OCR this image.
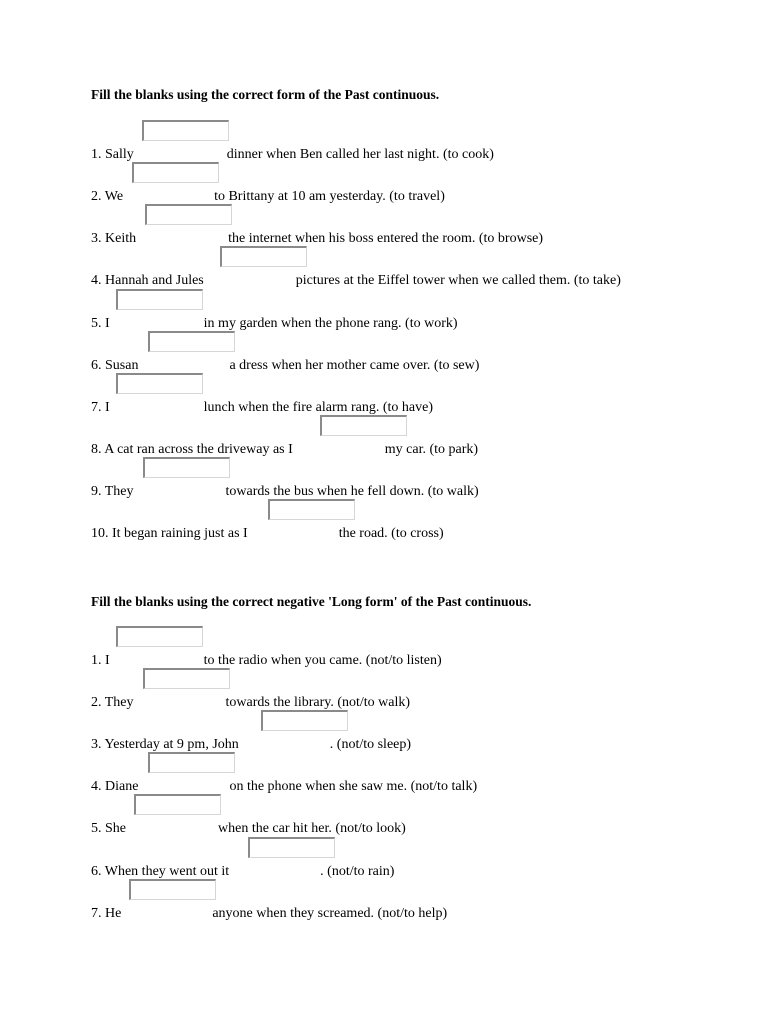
Fill the blanks using the correct form of the Past continuous.
1. Sally	dinner when Ben called her last night. (to cook)
2. We	to Brittany at 10 am yesterday. (to travel)
3. Keith	the internet when his boss entered the room. (to browse)
4. Hannah and Jules	pictures at the Eiffel tower when we called them. (to take)
5. I	in my garden when the phone rang. (to work)
6. Susan	a dress when her mother came over. (to sew)
7. I	lunch when the fire alarm rang. (to have)
8. A cat ran across the driveway as I	my car. (to park)
9. They	towards the bus when he fell down. (to walk)
10. It began raining just as I	the road. (to cross)
Fill the blanks using the correct negative 'Long form' of the Past continuous.
1. I	to the radio when you came. (not/to listen)
2. They	towards the library. (not/to walk)
3. Yesterday at 9 pm, John	. (not/to sleep)
4. Diane	on the phone when she saw me. (not/to talk)
5. She	when the car hit her. (not/to look)
6. When they went out it	. (not/to rain)
7. He	anyone when they screamed. (not/to help)
